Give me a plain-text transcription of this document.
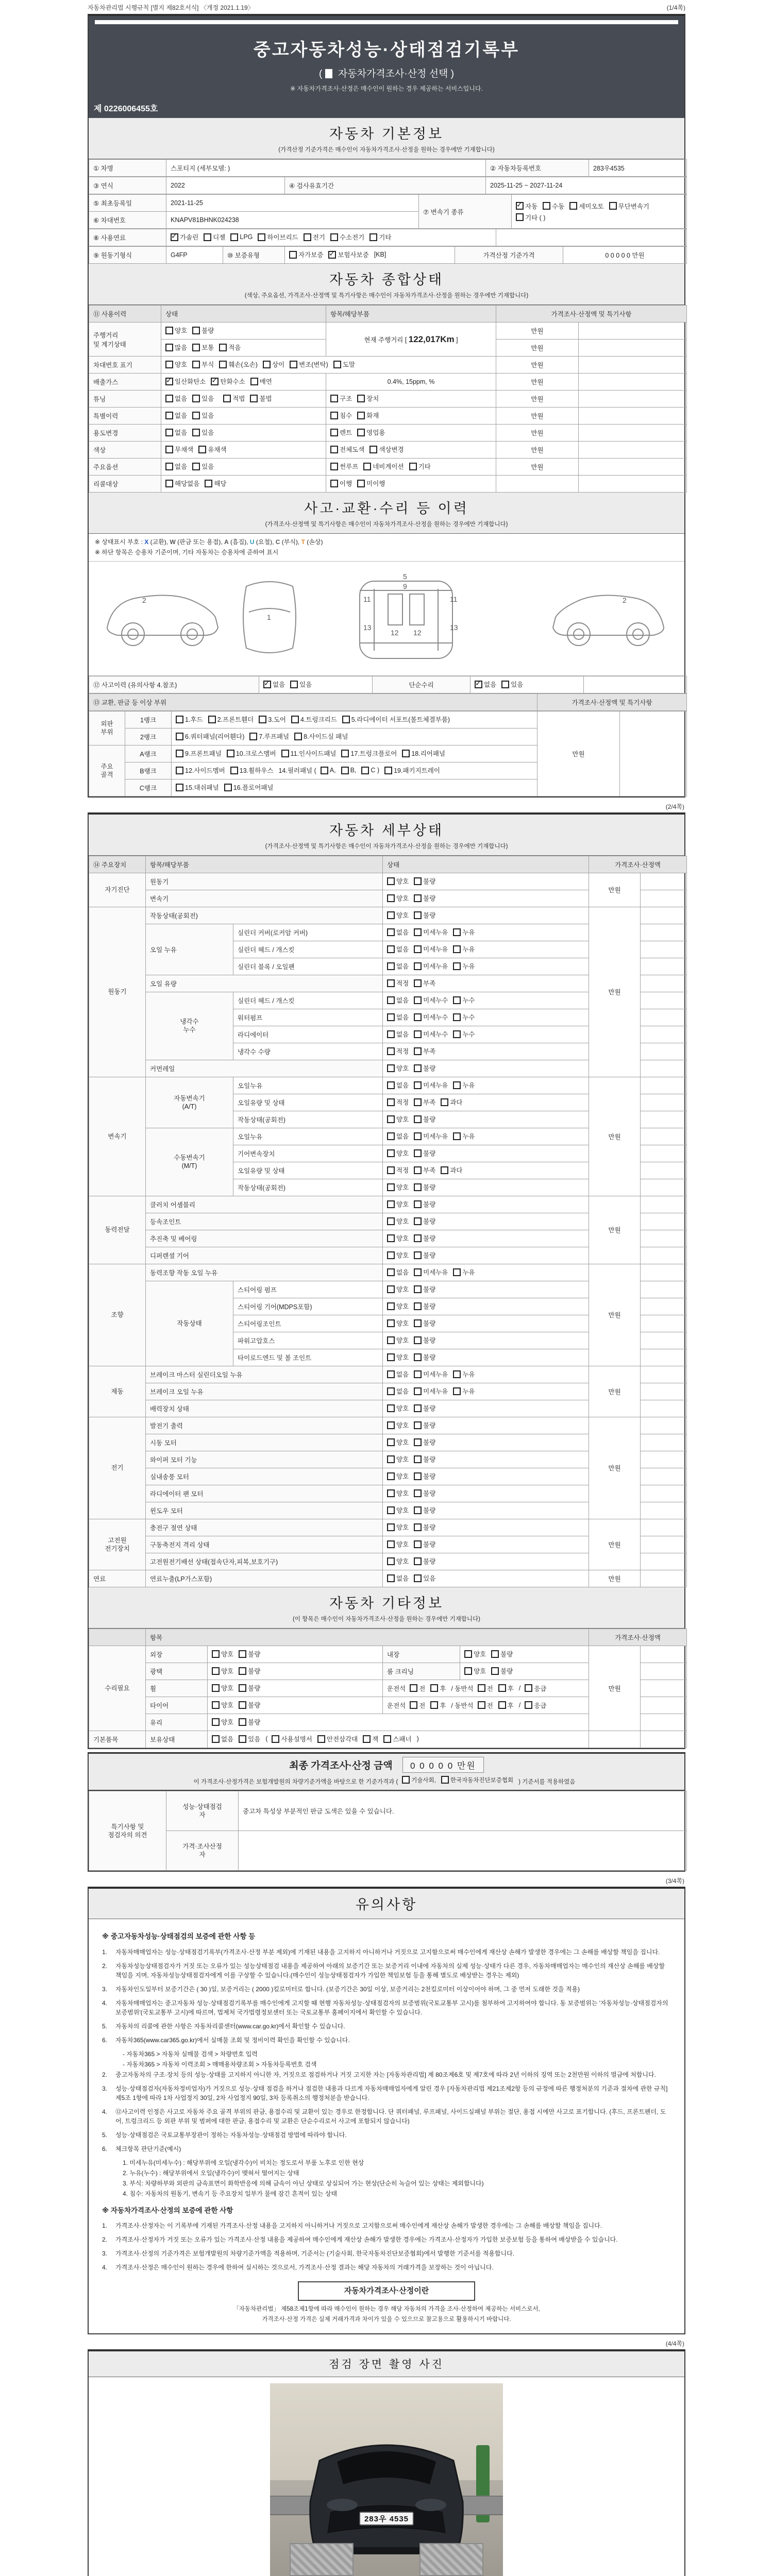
자동차관리법 시행규칙 [별지 제82호서식] 〈개정 2021.1.19〉	(1/4쪽)
중고자동차성능·상태점검기록부
( 자동차가격조사·산정 선택 )
※ 자동차가격조사·산정은 매수인이 원하는 경우 제공하는 서비스입니다.
제 0226006455호
자동차 기본정보
(가격산정 기준가격은 매수인이 자동차가격조사·산정을 원하는 경우에만 기재합니다)
① 차명	스포티지 (세부모델: )	② 자동차등록번호	283우4535
③ 연식	2022	④ 검사유효기간	2025-11-25 ~ 2027-11-24
⑤ 최초등록일	2021-11-25	⑦ 변속기 종류	
✓
자동 수동 세미오토 무단변속기
기타 ( )

⑥ 차대번호	KNAPV81BHNK024238		
⑧ 사용연료	
✓가솔린 디젤 LPG 하이브리드 전기 수소전기 기타

⑨ 원동기형식	G4FP	⑩ 보증유형	자가보증 ✓ 보험사보증 [KB]	가격산정 기준가격	0 0 0 0 0 만원
자동차 종합상태
(색상, 주요옵션, 가격조사·산정액 및 특기사항은 매수인이 자동차가격조사·산정을 원하는 경우에만 기재합니다)
⑪ 사용이력	상태	항목/해당부품	가격조사·산정액 및 특기사항	
주행거리
및 계기상태	양호 불량	현재 주행거리 [ 122,017Km ]	만원	

	많음 보통 적음		만원	
차대번호 표기	양호 부식 훼손(오손) 상이 변조(변탁) 도말	만원	
배출가스	
✓일산화탄소 ✓ 탄화수소 매연	0.4%, 15ppm, %	만원	
튜닝	없음 있음 적법 불법	구조 장치	만원	
특별이력	없음 있음	침수 화재	만원	
용도변경	없음 있음	렌트 영업용	만원	
색상	무채색 유채색	전체도색 색상변경	만원	
주요옵션	없음 있음	썬루프 네비게이션 기타	만원	
리콜대상	해당없음 해당	이행 미이행		

사고·교환·수리 등 이력
(가격조사·산정액 및 특기사항은 매수인이 자동차가격조사·산정을 원하는 경우에만 기재합니다)
※ 상태표시 부호 : X (교환), W (판금 또는 용접), A (흠집), U (요철), C (부식), T (손상)
※ 하단 항목은 승용차 기준이며, 기타 자동차는 승용차에 준하여 표시
2
1
5
9
11	11
13	13
12 12
2
⑫ 사고이력 (유의사항 4.참조)	
✓없음 있음	단순수리	
✓없음 있음

⑬ 교환, 판금 등 이상 부위	가격조사·산정액 및 특기사항
외판
부위	1랭크	1.후드 2.프론트휀더 3.도어 4.트렁크리드 5.라디에이터 서포트(볼트체결부품)	만원	
	2랭크	6.쿼터패널(리어휀다) 7.루프패널 8.사이드실 패널		

주요
골격	A랭크	9.프론트패널 10.크로스멤버 11.인사이드패널 17.트렁크플로어 18.리어패널		

B랭크	12.사이드멤버 13.휠하우스 14.필러패널 ( A, B, C ) 19.패키지트레이

	C랭크	15.대쉬패널 16.플로어패널		
(2/4쪽)
자동차 세부상태
(가격조사·산정액 및 특기사항은 매수인이 자동차가격조사·산정을 원하는 경우에만 기재합니다)
⑭ 주요장치	항목/해당부품		상태	가격조사·산정액	
자기진단	원동기		양호 불량	만원	
	변속기		양호 불량		

원동기	작동상태(공회전)		양호 불량	만원	
	오일 누유	실린더 커버(로커암 커버)	없음 미세누유 누유		

		실린더 헤드 / 개스킷	없음 미세누유 누유		

		실린더 블록 / 오일팬	없음 미세누유 누유		

	오일 유량		적정 부족		

	냉각수
누수	실린더 헤드 / 개스킷	없음 미세누수 누수		

		워터펌프	없음 미세누수 누수		

		라디에이터	없음 미세누수 누수		

		냉각수 수량	적정 부족		

	커먼레일		양호 불량		

변속기	자동변속기
(A/T)	오일누유	없음 미세누유 누유	만원	
		오일유량 및 상태	적정 부족 과다		

		작동상태(공회전)	양호 불량		

	수동변속기
(M/T)	오일누유	없음 미세누유 누유		

		기어변속장치	양호 불량		

		오일유량 및 상태	적정 부족 과다		

		작동상태(공회전)	양호 불량		

동력전달	클러치 어셈블리		양호 불량	만원	
	등속조인트		양호 불량		

	추진축 및 베어링		양호 불량		

	디퍼렌셜 기어		양호 불량		

조향	동력조향 작동 오일 누유		없음 미세누유 누유	만원	
	작동상태	스티어링 펌프	양호 불량		

		스티어링 기어(MDPS포함)	양호 불량		

		스티어링조인트	양호 불량		

		파워고압호스	양호 불량		

		타이로드엔드 및 볼 조인트	양호 불량		

제동	브레이크 마스터 실린더오일 누유		없음 미세누유 누유	만원	
	브레이크 오일 누유		없음 미세누유 누유		

	배력장치 상태		양호 불량		

전기	발전기 출력		양호 불량	만원	
	시동 모터		양호 불량		

	와이퍼 모터 기능		양호 불량		

	실내송풍 모터		양호 불량		

	라디에이터 팬 모터		양호 불량		

	윈도우 모터		양호 불량		

고전원
전기장치	충전구 절연 상태		양호 불량	만원	
	구동축전지 격리 상태		양호 불량		

	고전원전기배선 상태(접속단자,피복,보호기구)		양호 불량		

연료	연료누출(LP가스포함)		없음 있음	만원	
자동차 기타정보
(이 항목은 매수인이 자동차가격조사·산정을 원하는 경우에만 기재합니다)
	항목				가격조사·산정액	
수리필요	외장	양호 불량	내장	양호 불량	만원	
	광택	양호 불량	룸 크리닝	양호 불량		

휠	양호 불량	운전석 전 후 / 동반석 전 후 / 응급

타이어	양호 불량	운전석 전 후 / 동반석 전 후 / 응급

	유리	양호 불량				

기본품목	보유상태	없음 있음 ( 사용설명서 안전삼각대 잭 스패너 )

최종 가격조사·산정 금액 0 0 0 0 0 만원
이 가격조사·산정가격은 보험개발원의 차량기준가액을 바탕으로 한 기준가격과 ( 기술사회, 한국자동차진단보증협회 ) 기준서를 적용하였음
특기사항 및
점검자의 의견	성능·상태점검
자	중고차 특성상 부분적인 판금 도색은 있을 수 있습니다.
	가격·조사산정
자	
(3/4쪽)
유의사항
※ 중고자동차성능·상태점검의 보증에 관한 사항 등
1.	자동차매매업자는 성능·상태점검기록부(가격조사·산정 부분 제외)에 기재된 내용을 고지하지 아니하거나 거짓으로 고지함으로써 매수인에게 재산상 손해가 발생한 경우에는 그 손해를 배상할 책임을 집니다.
2.	자동차성능상태점검자가 거짓 또는 오류가 있는 성능상태점검 내용을 제공하여 아래의 보증기간 또는 보증거리 이내에 자동차의 실제 성능·상태가 다른 경우, 자동차매매업자는 매수인의 재산상 손해를 배상할 책임을 지며, 자동차성능상태점검자에게 이를 구상할 수 있습니다.(매수인이 성능상태점검자가 가입한 책임보험 등을 통해 별도로 배상받는 경우는 제외)
3.	자동차인도일부터 보증기간은 ( 30 )일, 보증거리는 ( 2000 )킬로미터로 합니다. (보증기간은 30일 이상, 보증거리는 2천킬로미터 이상이어야 하며, 그 중 먼저 도래한 것을 적용)
4.	자동차매매업자는 중고자동차 성능·상태점검기록부를 매수인에게 고지할 때 현행 자동차성능·상태점검자의 보증범위(국토교통부 고시)를 첨부하여 고지하여야 합니다. 동 보증범위는 '자동차성능·상태점검자의 보증범위'(국토교통부 고시)에 따르며, 법제처 국가법령정보센터 또는 국토교통부 홈페이지에서 확인할 수 있습니다.
5.	자동차의 리콜에 관한 사항은 자동차리콜센터(www.car.go.kr)에서 확인할 수 있습니다.
6.	자동차365(www.car365.go.kr)에서 실매물 조회 및 정비이력 확인을 확인할 수 있습니다.
- 자동차365 > 자동차 실매물 검색 > 차량번호 입력
- 자동차365 > 자동차 이력조회 > 매매용차량조회 > 자동차등록번호 검색
2.	중고자동차의 구조·장치 등의 성능·상태를 고지하지 아니한 자, 거짓으로 점검하거나 거짓 고지한 자는 [자동차관리법] 제 80조제6호 및 제7호에 따라 2년 이하의 징역 또는 2천만원 이하의 벌금에 처합니다.
3.	성능·상태점검자(자동차정비업자)가 거짓으로 성능·상태 점검을 하거나 점검한 내용과 다르게 자동차매매업자에게 알린 경우 [자동차관리법 제21조제2항 등의 규정에 따른 행정처분의 기준과 절차에 관한 규칙] 제5조 1항에 따라 1차 사업정지 30일, 2차 사업정지 90일, 3차 등록취소의 행정처분을 받습니다.
4.	⑫사고이력 인정은 사고로 자동차 주요 골격 부위의 판금, 용접수리 및 교환이 있는 경우로 한정합니다. 단 쿼터패널, 루프패널, 사이드실패널 부위는 절단, 용접 시에만 사고로 표기합니다. (후드, 프론트펜더, 도어, 트렁크리드 등 외판 부위 및 범퍼에 대한 판금, 용접수리 및 교환은 단순수리로서 사고에 포함되지 않습니다)
5.	성능·상태점검은 국토교통부장관이 정하는 자동차성능·상태점검 방법에 따라야 합니다.
6.	체크항목 판단기준(예시)
1. 미세누유(미세누수) : 해당부위에 오일(냉각수)이 비치는 정도로서 부품 노후로 인한 현상
2. 누유(누수) : 해당부위에서 오일(냉각수)이 맺혀서 떨어지는 상태
3. 부식: 차량하부와 외판의 금속표면이 화학반응에 의해 금속이 아닌 상태로 상실되어 가는 현상(단순히 녹슬어 있는 상태는 제외합니다)
4. 침수: 자동차의 원동기, 변속기 등 주요장치 일부가 물에 잠긴 흔적이 있는 상태
※ 자동차가격조사·산정의 보증에 관한 사항
1.	가격조사·산정자는 이 기록부에 기재된 가격조사·산정 내용을 고지하지 아니하거나 거짓으로 고지함으로써 매수인에게 재산상 손해가 발생한 경우에는 그 손해를 배상할 책임을 집니다.
2.	가격조사·산정자가 거짓 또는 오류가 있는 가격조사·산정 내용을 제공하여 매수인에게 재산상 손해가 발생한 경우에는 가격조사·산정자가 가입한 보증보험 등을 통하여 배상받을 수 있습니다.
3.	가격조사·산정의 기준가격은 보험개발원의 차량기준가액을 적용하며, 기준서는 (기술사회, 한국자동차진단보증협회)에서 발행한 기준서를 적용합니다.
4.	가격조사·산정은 매수인이 원하는 경우에 한하여 실시하는 것으로서, 가격조사·산정 결과는 해당 자동차의 거래가격을 보장하는 것이 아닙니다.
자동차가격조사·산정이란
「자동차관리법」 제58조제1항에 따라 매수인이 원하는 경우 해당 자동차의 가격을 조사·산정하여 제공하는 서비스로서,
가격조사·산정 가격은 실제 거래가격과 차이가 있을 수 있으므로 참고용으로 활용하시기 바랍니다.
(4/4쪽)
점검 장면 촬영 사진
283우 4535
